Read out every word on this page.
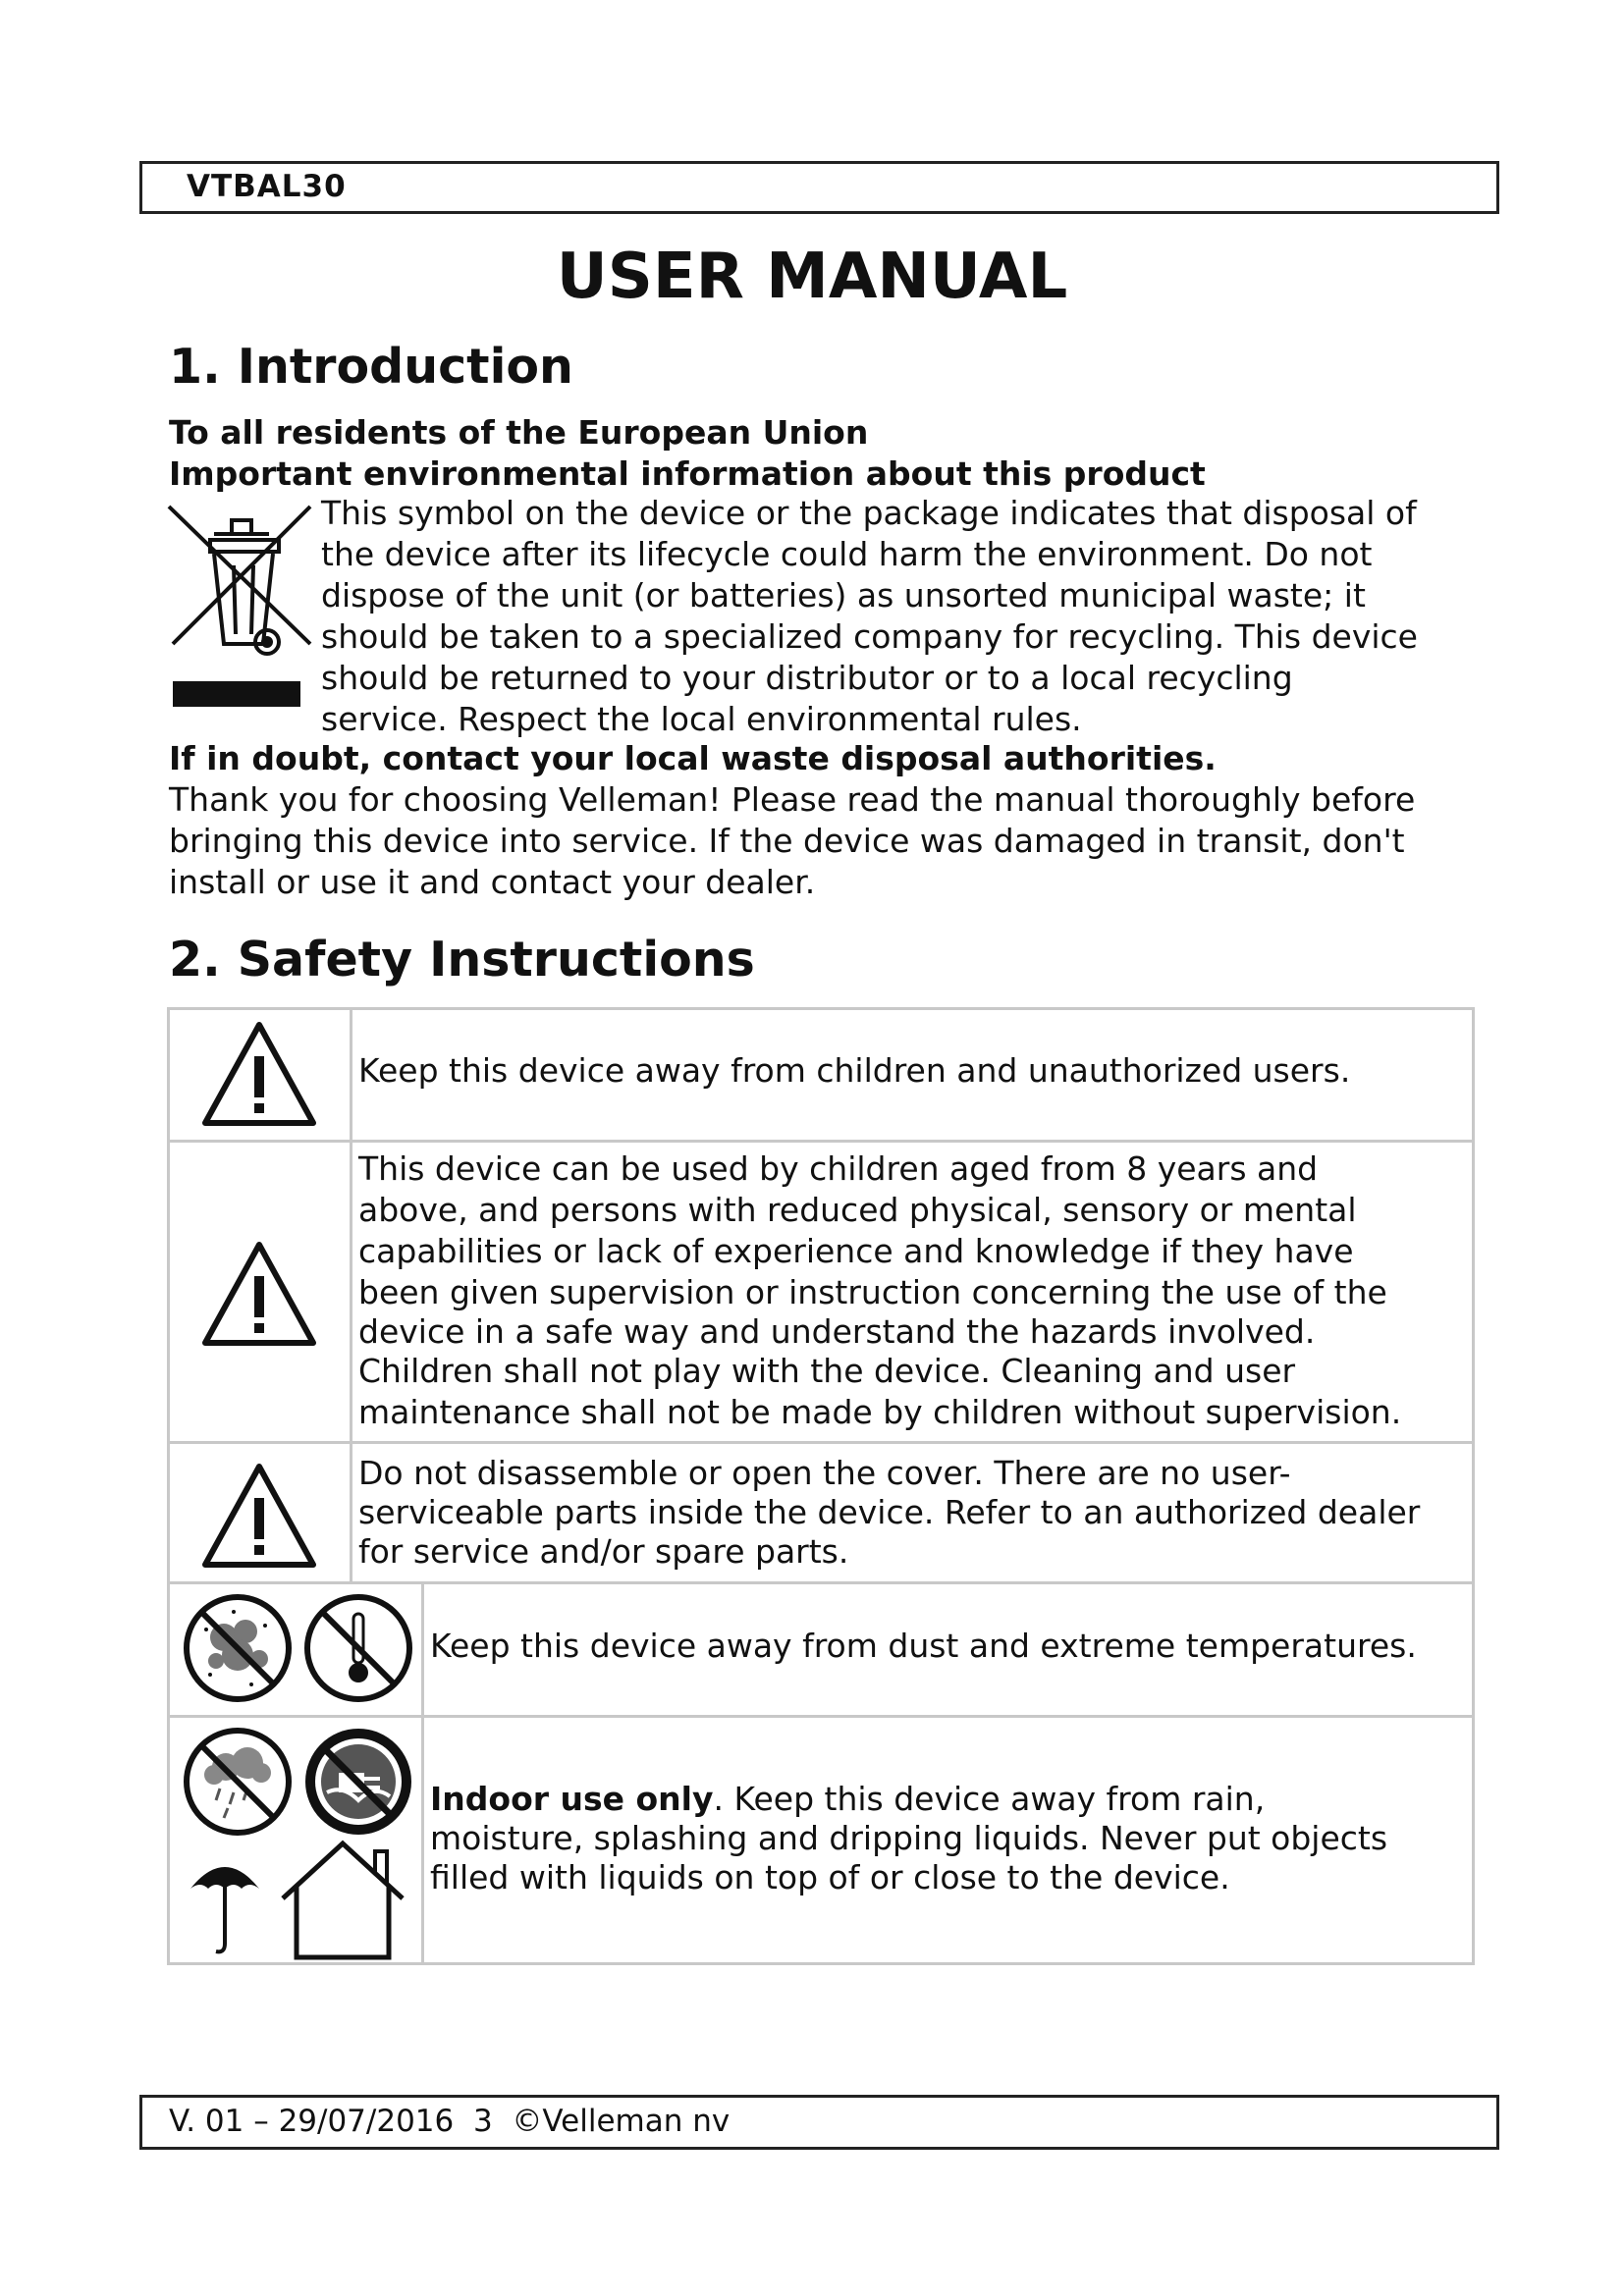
VTBAL30
USER MANUAL
1. Introduction
To all residents of the European Union
Important environmental information about this product
This symbol on the device or the package indicates that disposal of
the device after its lifecycle could harm the environment. Do not
dispose of the unit (or batteries) as unsorted municipal waste; it
should be taken to a specialized company for recycling. This device
should be returned to your distributor or to a local recycling
service. Respect the local environmental rules.
If in doubt, contact your local waste disposal authorities.
Thank you for choosing Velleman! Please read the manual thoroughly before
bringing this device into service. If the device was damaged in transit, don't
install or use it and contact your dealer.
2. Safety Instructions
Keep this device away from children and unauthorized users.
This device can be used by children aged from 8 years and
above, and persons with reduced physical, sensory or mental
capabilities or lack of experience and knowledge if they have
been given supervision or instruction concerning the use of the
device in a safe way and understand the hazards involved.
Children shall not play with the device. Cleaning and user
maintenance shall not be made by children without supervision.
Do not disassemble or open the cover. There are no user-
serviceable parts inside the device. Refer to an authorized dealer
for service and/or spare parts.
Keep this device away from dust and extreme temperatures.
Indoor use only. Keep this device away from rain,
moisture, splashing and dripping liquids. Never put objects
filled with liquids on top of or close to the device.
V. 01 – 29/07/2016  3  ©Velleman nv
